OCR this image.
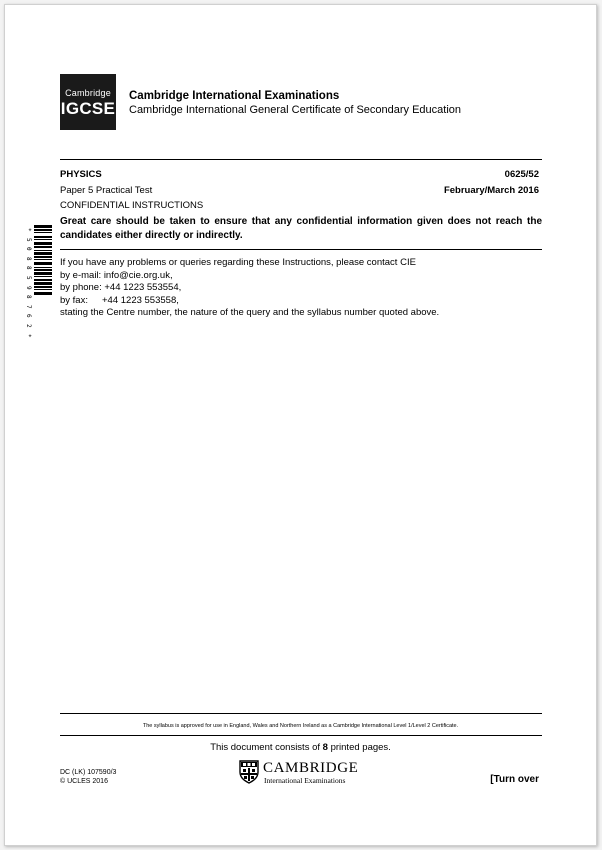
Cambridge
IGCSE
Cambridge International Examinations
Cambridge International General Certificate of Secondary Education
PHYSICS	0625/52
Paper 5 Practical Test	February/March 2016
CONFIDENTIAL INSTRUCTIONS
Great care should be taken to ensure that any confidential information given does not reach the candidates either directly or indirectly.
If you have any problems or queries regarding these Instructions, please contact CIE
by e-mail: info@cie.org.uk,
by phone: +44 1223 553554,
by fax: +44 1223 553558,
stating the Centre number, the nature of the query and the syllabus number quoted above.
*
5
0
8
8
5
9
8
7
6
2
*
The syllabus is approved for use in England, Wales and Northern Ireland as a Cambridge International Level 1/Level 2 Certificate.
This document consists of 8 printed pages.
DC (LK) 107590/3
© UCLES 2016
CAMBRIDGE
International Examinations	[Turn over
